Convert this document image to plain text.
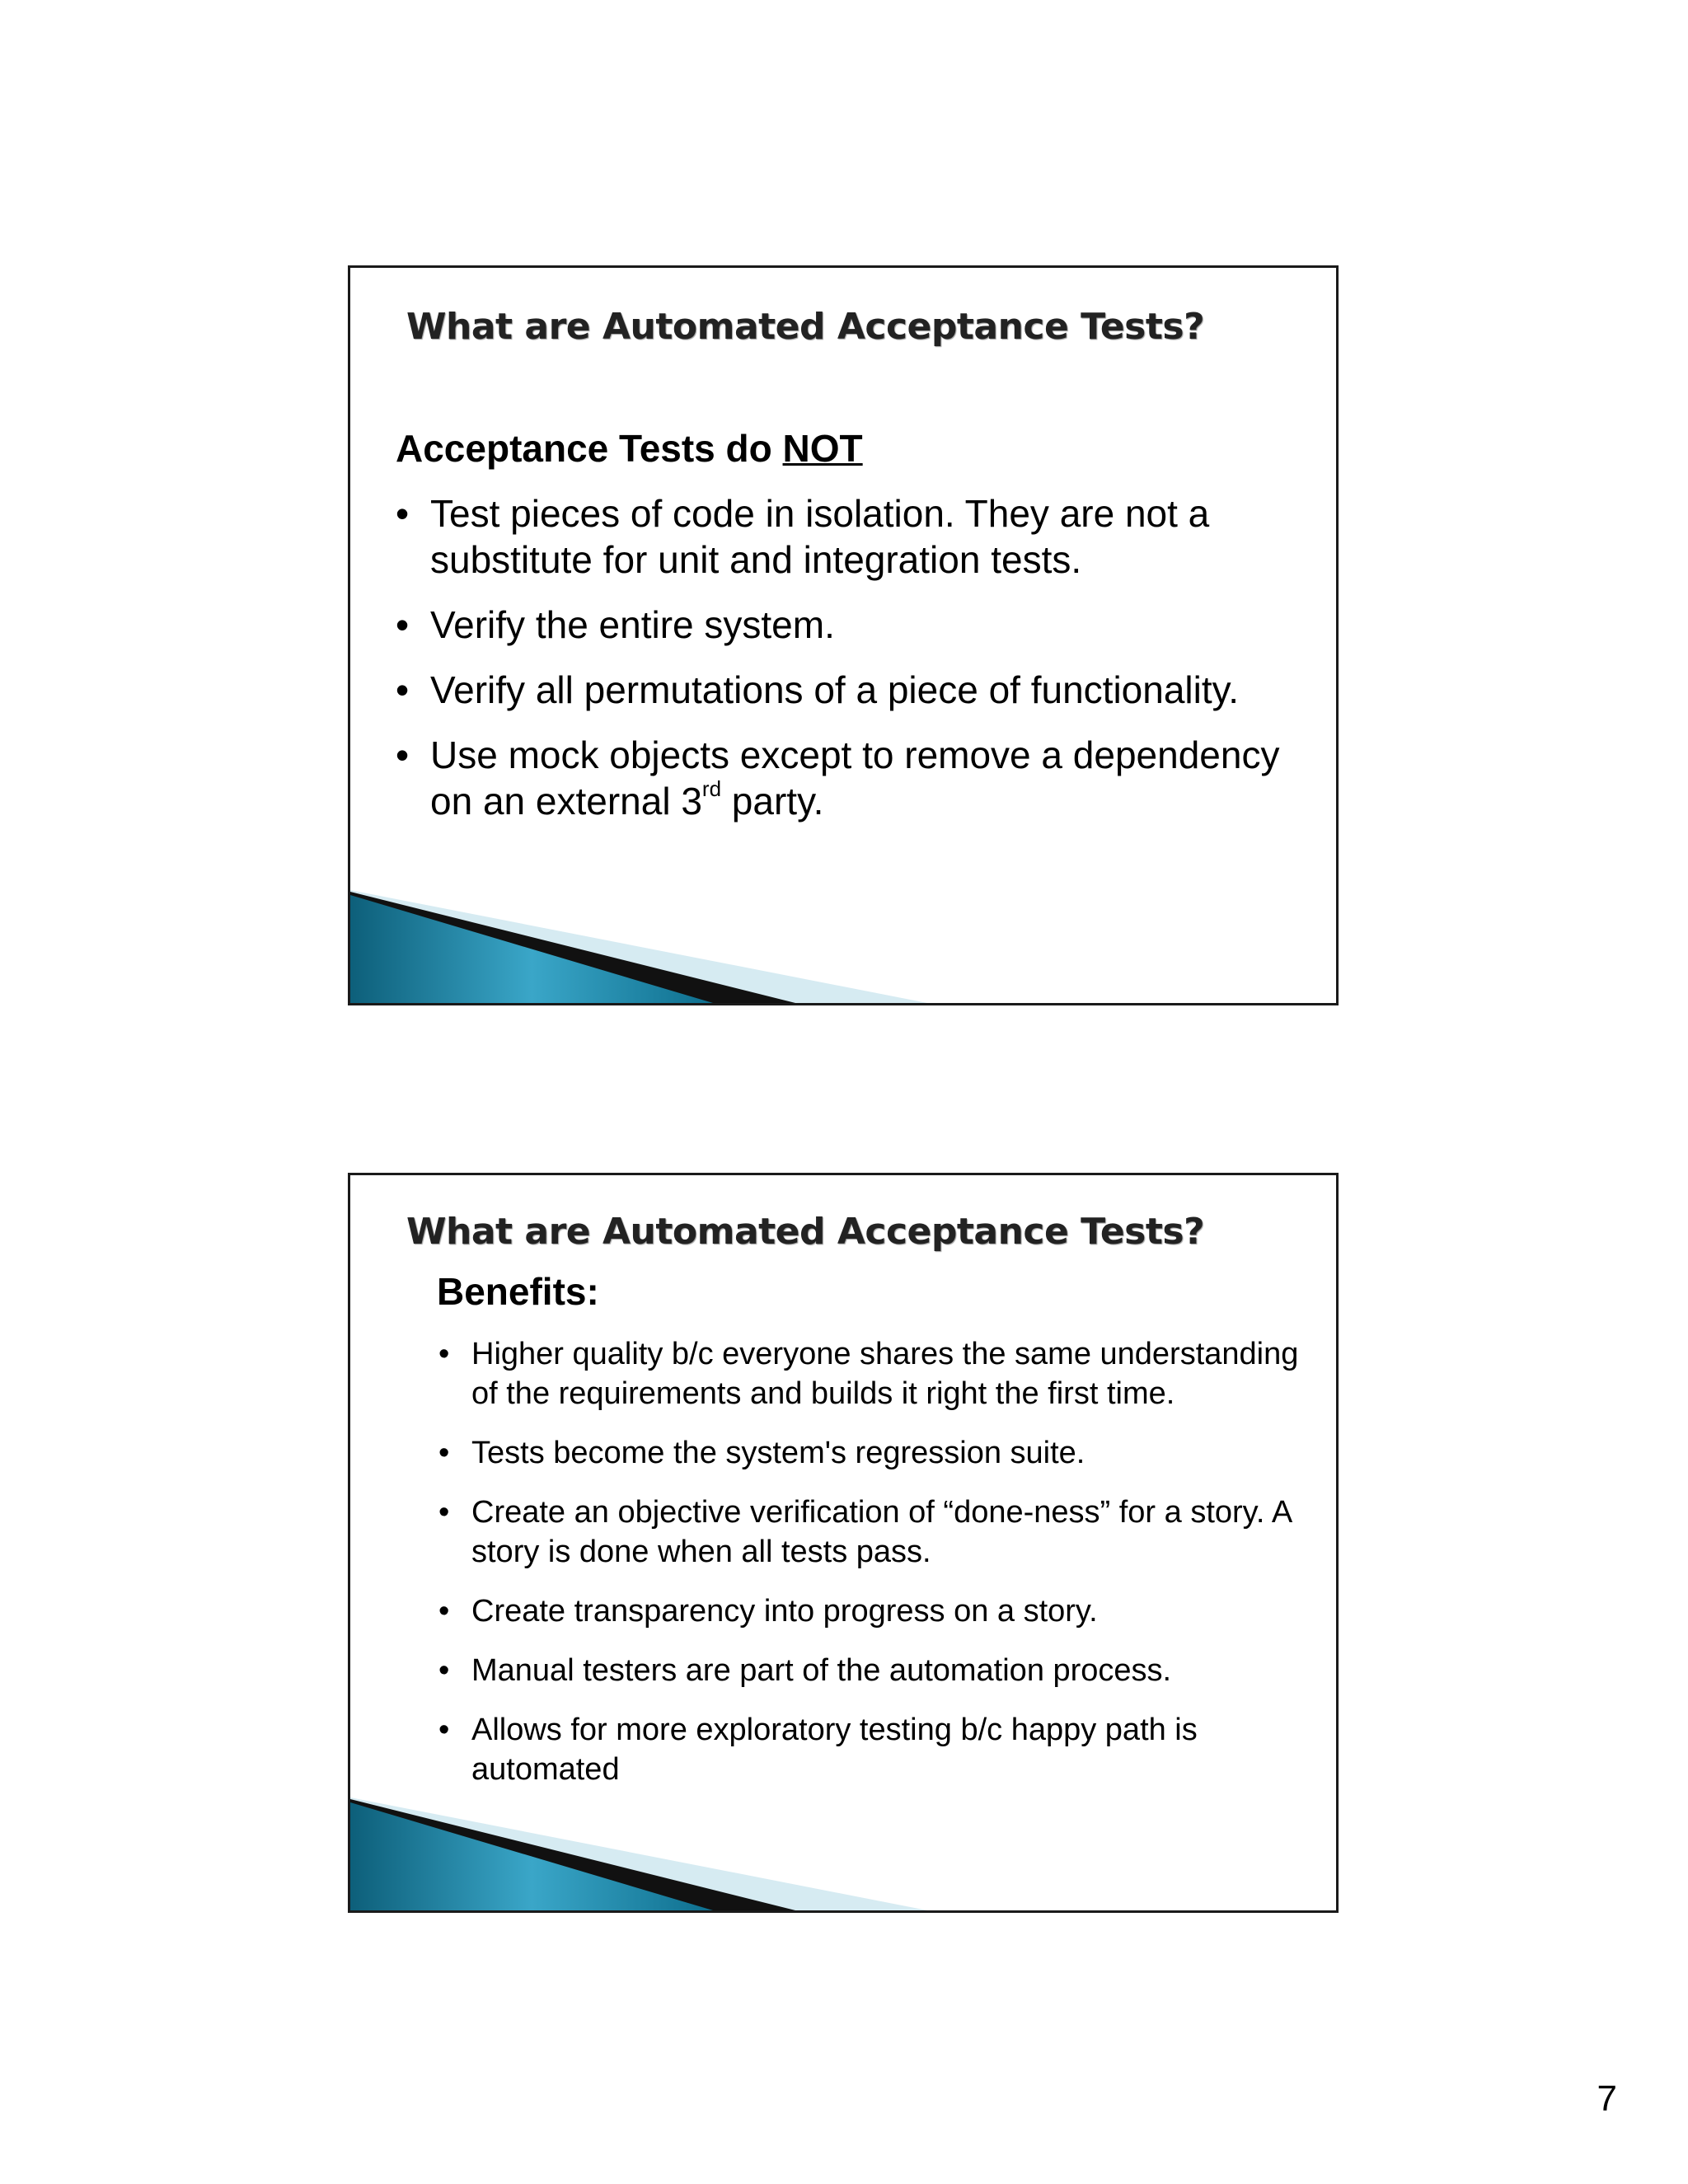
What are Automated Acceptance Tests?
Acceptance Tests do NOT
• Test pieces of code in isolation. They are not a substitute for unit and integration tests.
• Verify the entire system.
• Verify all permutations of a piece of functionality.
• Use mock objects except to remove a dependency on an external 3rd party.
What are Automated Acceptance Tests?
Benefits:
• Higher quality b/c everyone shares the same understanding of the requirements and builds it right the first time.
• Tests become the system's regression suite.
• Create an objective verification of “done-ness” for a story. A story is done when all tests pass.
• Create transparency into progress on a story.
• Manual testers are part of the automation process.
• Allows for more exploratory testing b/c happy path is automated
7
